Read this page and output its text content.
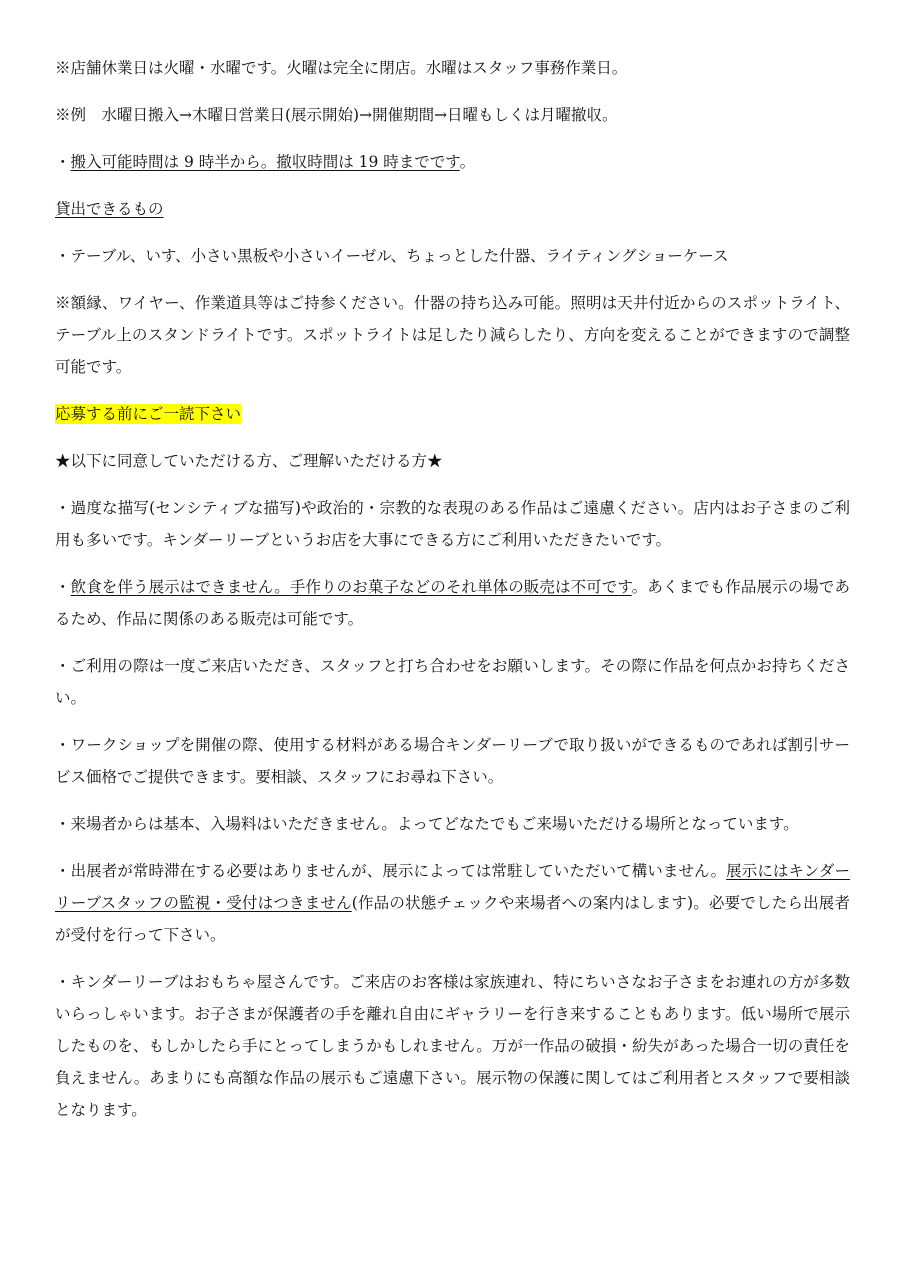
※店舗休業日は火曜・水曜です。火曜は完全に閉店。水曜はスタッフ事務作業日。

※例　水曜日搬入→木曜日営業日(展示開始)→開催期間→日曜もしくは月曜撤収。

・搬入可能時間は 9 時半から。撤収時間は 19 時までです。

貸出できるもの

・テーブル、いす、小さい黒板や小さいイーゼル、ちょっとした什器、ライティングショーケース

※額縁、ワイヤー、作業道具等はご持参ください。什器の持ち込み可能。照明は天井付近からのスポットライト、テーブル上のスタンドライトです。スポットライトは足したり減らしたり、方向を変えることができますので調整可能です。

応募する前にご一読下さい

★以下に同意していただける方、ご理解いただける方★

・過度な描写(センシティブな描写)や政治的・宗教的な表現のある作品はご遠慮ください。店内はお子さまのご利用も多いです。キンダーリーブというお店を大事にできる方にご利用いただきたいです。

・飲食を伴う展示はできません。手作りのお菓子などのそれ単体の販売は不可です。あくまでも作品展示の場であるため、作品に関係のある販売は可能です。

・ご利用の際は一度ご来店いただき、スタッフと打ち合わせをお願いします。その際に作品を何点かお持ちください。

・ワークショップを開催の際、使用する材料がある場合キンダーリーブで取り扱いができるものであれば割引サービス価格でご提供できます。要相談、スタッフにお尋ね下さい。

・来場者からは基本、入場料はいただきません。よってどなたでもご来場いただける場所となっています。

・出展者が常時滞在する必要はありませんが、展示によっては常駐していただいて構いません。展示にはキンダーリーブスタッフの監視・受付はつきません(作品の状態チェックや来場者への案内はします)。必要でしたら出展者が受付を行って下さい。

・キンダーリーブはおもちゃ屋さんです。ご来店のお客様は家族連れ、特にちいさなお子さまをお連れの方が多数いらっしゃいます。お子さまが保護者の手を離れ自由にギャラリーを行き来することもあります。低い場所で展示したものを、もしかしたら手にとってしまうかもしれません。万が一作品の破損・紛失があった場合一切の責任を負えません。あまりにも高額な作品の展示もご遠慮下さい。展示物の保護に関してはご利用者とスタッフで要相談となります。
